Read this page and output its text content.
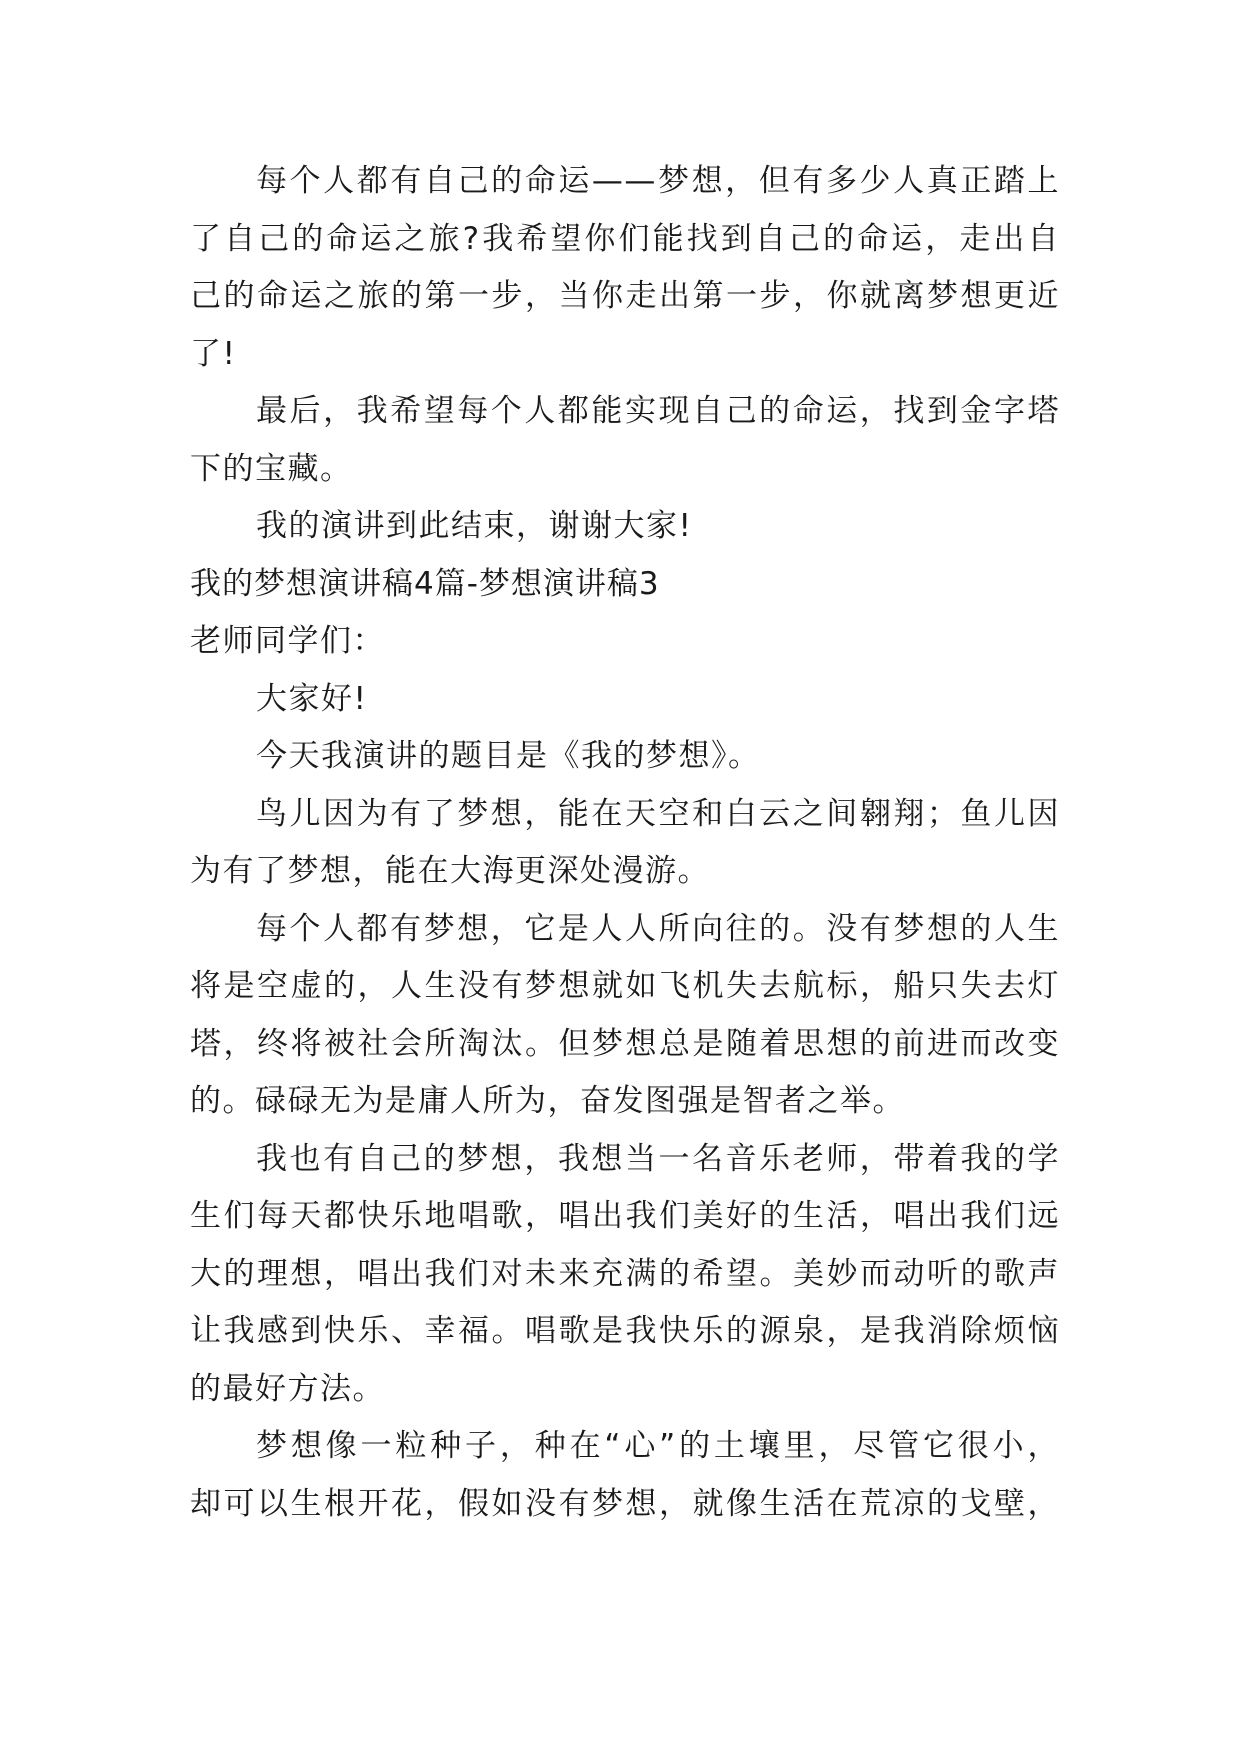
每个人都有自己的命运——梦想，但有多少人真正踏上
了自己的命运之旅?我希望你们能找到自己的命运，走出自
己的命运之旅的第一步，当你走出第一步，你就离梦想更近
了!
最后，我希望每个人都能实现自己的命运，找到金字塔
下的宝藏。
我的演讲到此结束，谢谢大家!
我的梦想演讲稿4篇-梦想演讲稿3
老师同学们：
大家好!
今天我演讲的题目是《我的梦想》。
鸟儿因为有了梦想，能在天空和白云之间翱翔；鱼儿因
为有了梦想，能在大海更深处漫游。
每个人都有梦想，它是人人所向往的。没有梦想的人生
将是空虚的，人生没有梦想就如飞机失去航标，船只失去灯
塔，终将被社会所淘汰。但梦想总是随着思想的前进而改变
的。碌碌无为是庸人所为，奋发图强是智者之举。
我也有自己的梦想，我想当一名音乐老师，带着我的学
生们每天都快乐地唱歌，唱出我们美好的生活，唱出我们远
大的理想，唱出我们对未来充满的希望。美妙而动听的歌声
让我感到快乐、幸福。唱歌是我快乐的源泉，是我消除烦恼
的最好方法。
梦想像一粒种子，种在“心”的土壤里，尽管它很小，
却可以生根开花，假如没有梦想，就像生活在荒凉的戈壁，
